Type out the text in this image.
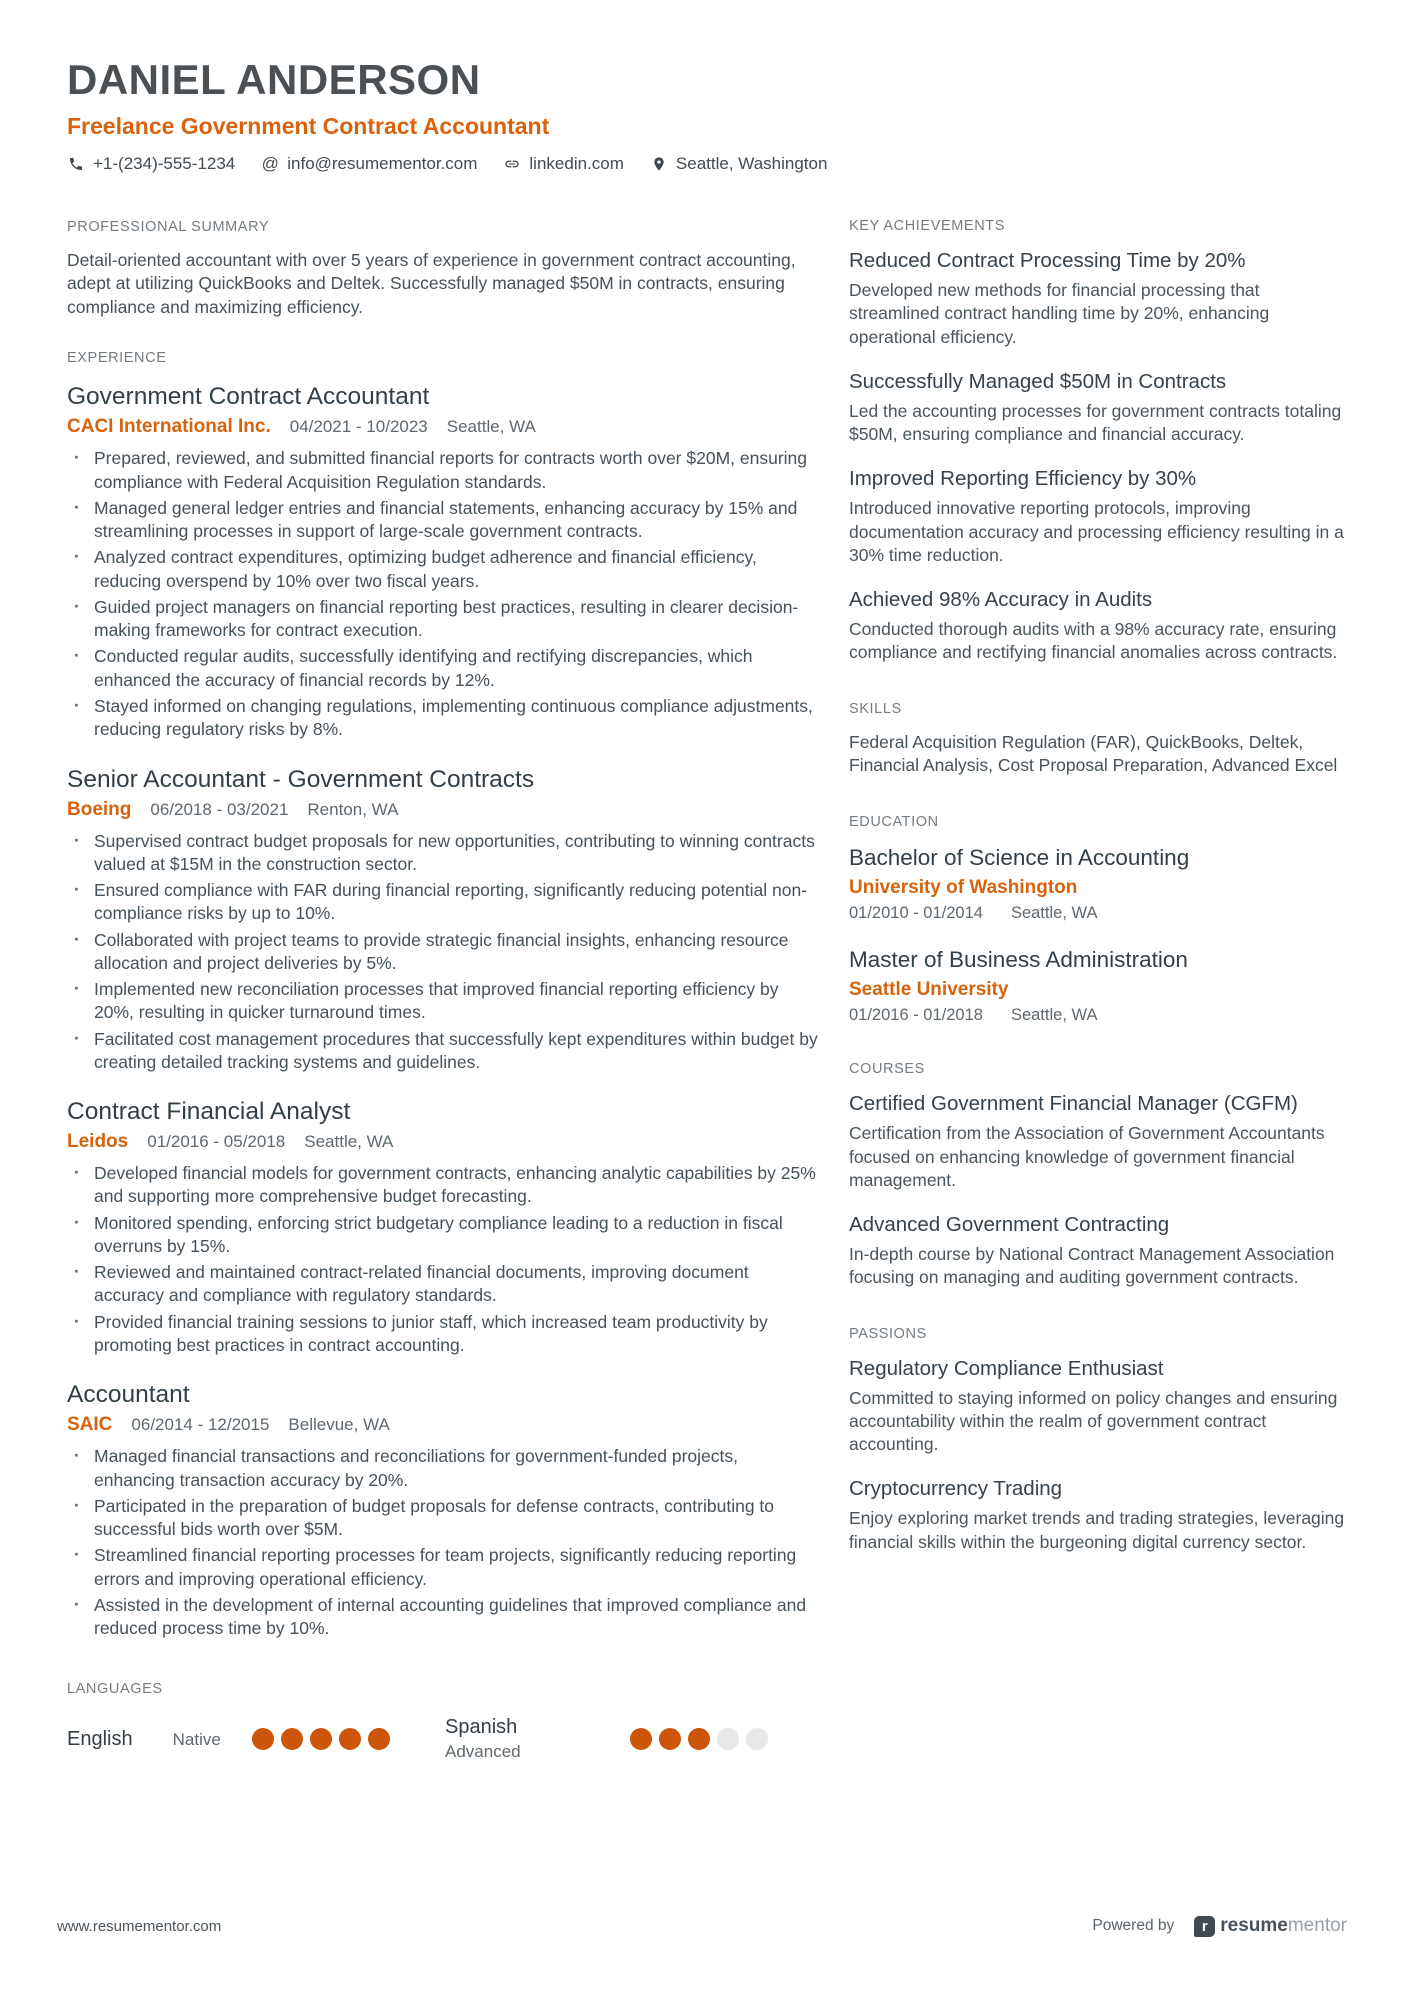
DANIEL ANDERSON
Freelance Government Contract Accountant
+1-(234)-555-1234 @ info@resumementor.com	linkedin.com	Seattle, Washington
PROFESSIONAL SUMMARY

Detail-oriented accountant with over 5 years of experience in government contract accounting, adept at utilizing QuickBooks and Deltek. Successfully managed $50M in contracts, ensuring compliance and maximizing efficiency.

EXPERIENCE
Government Contract Accountant
CACI International Inc. 04/2021 - 10/2023 Seattle, WA
· Prepared, reviewed, and submitted financial reports for contracts worth over $20M, ensuring compliance with Federal Acquisition Regulation standards.
· Managed general ledger entries and financial statements, enhancing accuracy by 15% and streamlining processes in support of large-scale government contracts.
· Analyzed contract expenditures, optimizing budget adherence and financial efficiency, reducing overspend by 10% over two fiscal years.
· Guided project managers on financial reporting best practices, resulting in clearer decision-making frameworks for contract execution.
· Conducted regular audits, successfully identifying and rectifying discrepancies, which enhanced the accuracy of financial records by 12%.
· Stayed informed on changing regulations, implementing continuous compliance adjustments, reducing regulatory risks by 8%.
Senior Accountant - Government Contracts
Boeing 06/2018 - 03/2021 Renton, WA
· Supervised contract budget proposals for new opportunities, contributing to winning contracts valued at $15M in the construction sector.
· Ensured compliance with FAR during financial reporting, significantly reducing potential non-compliance risks by up to 10%.
· Collaborated with project teams to provide strategic financial insights, enhancing resource allocation and project deliveries by 5%.
· Implemented new reconciliation processes that improved financial reporting efficiency by 20%, resulting in quicker turnaround times.
· Facilitated cost management procedures that successfully kept expenditures within budget by creating detailed tracking systems and guidelines.
Contract Financial Analyst
Leidos 01/2016 - 05/2018 Seattle, WA
· Developed financial models for government contracts, enhancing analytic capabilities by 25% and supporting more comprehensive budget forecasting.
· Monitored spending, enforcing strict budgetary compliance leading to a reduction in fiscal overruns by 15%.
· Reviewed and maintained contract-related financial documents, improving document accuracy and compliance with regulatory standards.
· Provided financial training sessions to junior staff, which increased team productivity by promoting best practices in contract accounting.
Accountant
SAIC 06/2014 - 12/2015 Bellevue, WA
· Managed financial transactions and reconciliations for government-funded projects, enhancing transaction accuracy by 20%.
· Participated in the preparation of budget proposals for defense contracts, contributing to successful bids worth over $5M.
· Streamlined financial reporting processes for team projects, significantly reducing reporting errors and improving operational efficiency.
· Assisted in the development of internal accounting guidelines that improved compliance and reduced process time by 10%.
LANGUAGES
English Native
Spanish
Advanced
KEY ACHIEVEMENTS
Reduced Contract Processing Time by 20%

Developed new methods for financial processing that streamlined contract handling time by 20%, enhancing operational efficiency.

Successfully Managed $50M in Contracts

Led the accounting processes for government contracts totaling $50M, ensuring compliance and financial accuracy.

Improved Reporting Efficiency by 30%

Introduced innovative reporting protocols, improving documentation accuracy and processing efficiency resulting in a 30% time reduction.

Achieved 98% Accuracy in Audits

Conducted thorough audits with a 98% accuracy rate, ensuring compliance and rectifying financial anomalies across contracts.

SKILLS

Federal Acquisition Regulation (FAR), QuickBooks, Deltek, Financial Analysis, Cost Proposal Preparation, Advanced Excel

EDUCATION
Bachelor of Science in Accounting
University of Washington
01/2010 - 01/2014 Seattle, WA
Master of Business Administration
Seattle University
01/2016 - 01/2018 Seattle, WA
COURSES
Certified Government Financial Manager (CGFM)

Certification from the Association of Government Accountants focused on enhancing knowledge of government financial management.

Advanced Government Contracting

In-depth course by National Contract Management Association focusing on managing and auditing government contracts.

PASSIONS
Regulatory Compliance Enthusiast

Committed to staying informed on policy changes and ensuring accountability within the realm of government contract accounting.

Cryptocurrency Trading

Enjoy exploring market trends and trading strategies, leveraging financial skills within the burgeoning digital currency sector.

www.resumementor.com	Powered by	r resumementor
